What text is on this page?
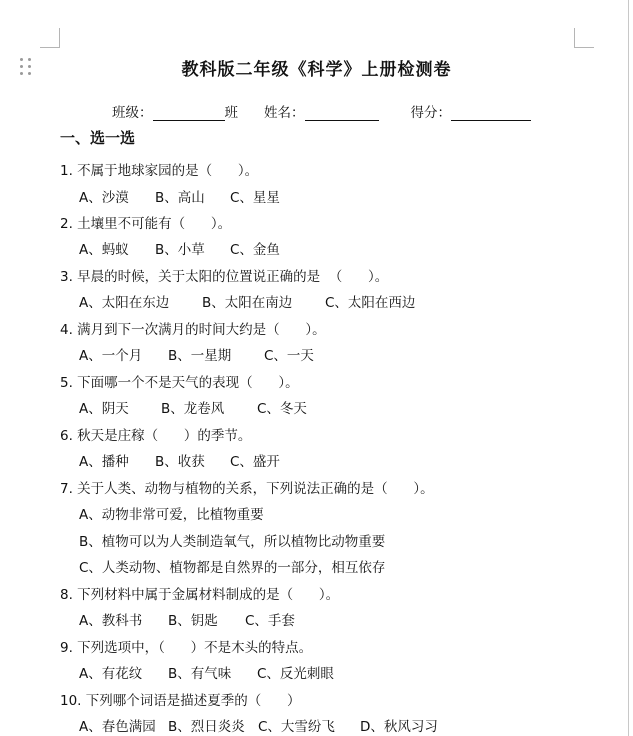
教科版二年级《科学》上册检测卷
班级：	班 姓名：	得分：
一、选一选
1. 不属于地球家园的是（      ）。
A、沙漠 B、高山 C、星星
2. 土壤里不可能有（      ）。
A、蚂蚁 B、小草 C、金鱼
3. 早晨的时候，关于太阳的位置说正确的是  （      ）。
A、太阳在东边 B、太阳在南边 C、太阳在西边
4. 满月到下一次满月的时间大约是（      ）。
A、一个月 B、一星期 C、一天
5. 下面哪一个不是天气的表现（      ）。
A、阴天 B、龙卷风 C、冬天
6. 秋天是庄稼（      ）的季节。
A、播种 B、收获 C、盛开
7. 关于人类、动物与植物的关系，下列说法正确的是（      ）。
A、动物非常可爱，比植物重要
B、植物可以为人类制造氧气，所以植物比动物重要
C、人类动物、植物都是自然界的一部分，相互依存
8. 下列材料中属于金属材料制成的是（      ）。
A、教科书 B、钥匙 C、手套
9. 下列选项中，（      ）不是木头的特点。
A、有花纹 B、有气味 C、反光刺眼
10. 下列哪个词语是描述夏季的（      ）
A、春色满园 B、烈日炎炎 C、大雪纷飞 D、秋风习习
